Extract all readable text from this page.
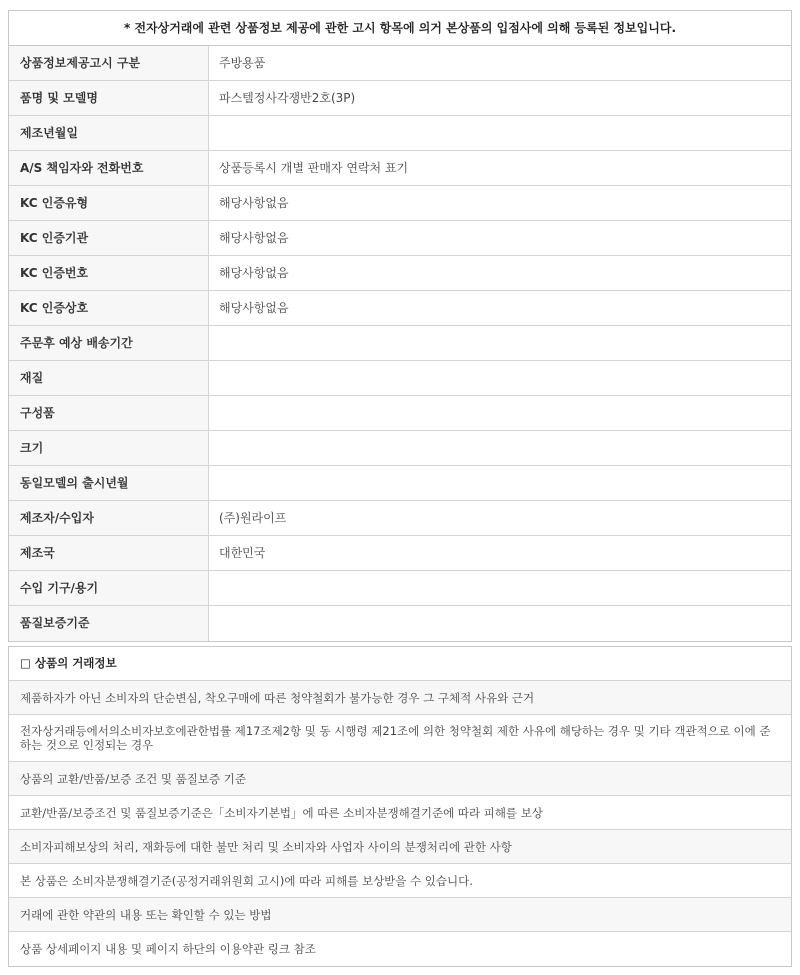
* 전자상거래에 관련 상품정보 제공에 관한 고시 항목에 의거 본상품의 입점사에 의해 등록된 정보입니다.
상품정보제공고시 구분	주방용품
품명 및 모델명	파스텔정사각쟁반2호(3P)
제조년월일
A/S 책임자와 전화번호	상품등록시 개별 판매자 연락처 표기
KC 인증유형	해당사항없음
KC 인증기관	해당사항없음
KC 인증번호	해당사항없음
KC 인증상호	해당사항없음
주문후 예상 배송기간
재질
구성품
크기
동일모델의 출시년월
제조자/수입자	(주)원라이프
제조국	대한민국
수입 기구/용기
품질보증기준
□ 상품의 거래정보
제품하자가 아닌 소비자의 단순변심, 착오구매에 따른 청약철회가 불가능한 경우 그 구체적 사유와 근거
전자상거래등에서의소비자보호에관한법률 제17조제2항 및 동 시행령 제21조에 의한 청약철회 제한 사유에 해당하는 경우 및 기타 객관적으로 이에 준하는 것으로 인정되는 경우
상품의 교환/반품/보증 조건 및 품질보증 기준
교환/반품/보증조건 및 품질보증기준은「소비자기본법」에 따른 소비자분쟁해결기준에 따라 피해를 보상
소비자피해보상의 처리, 재화등에 대한 불만 처리 및 소비자와 사업자 사이의 분쟁처리에 관한 사항
본 상품은 소비자분쟁해결기준(공정거래위원회 고시)에 따라 피해를 보상받을 수 있습니다.
거래에 관한 약관의 내용 또는 확인할 수 있는 방법
상품 상세페이지 내용 및 페이지 하단의 이용약관 링크 참조
